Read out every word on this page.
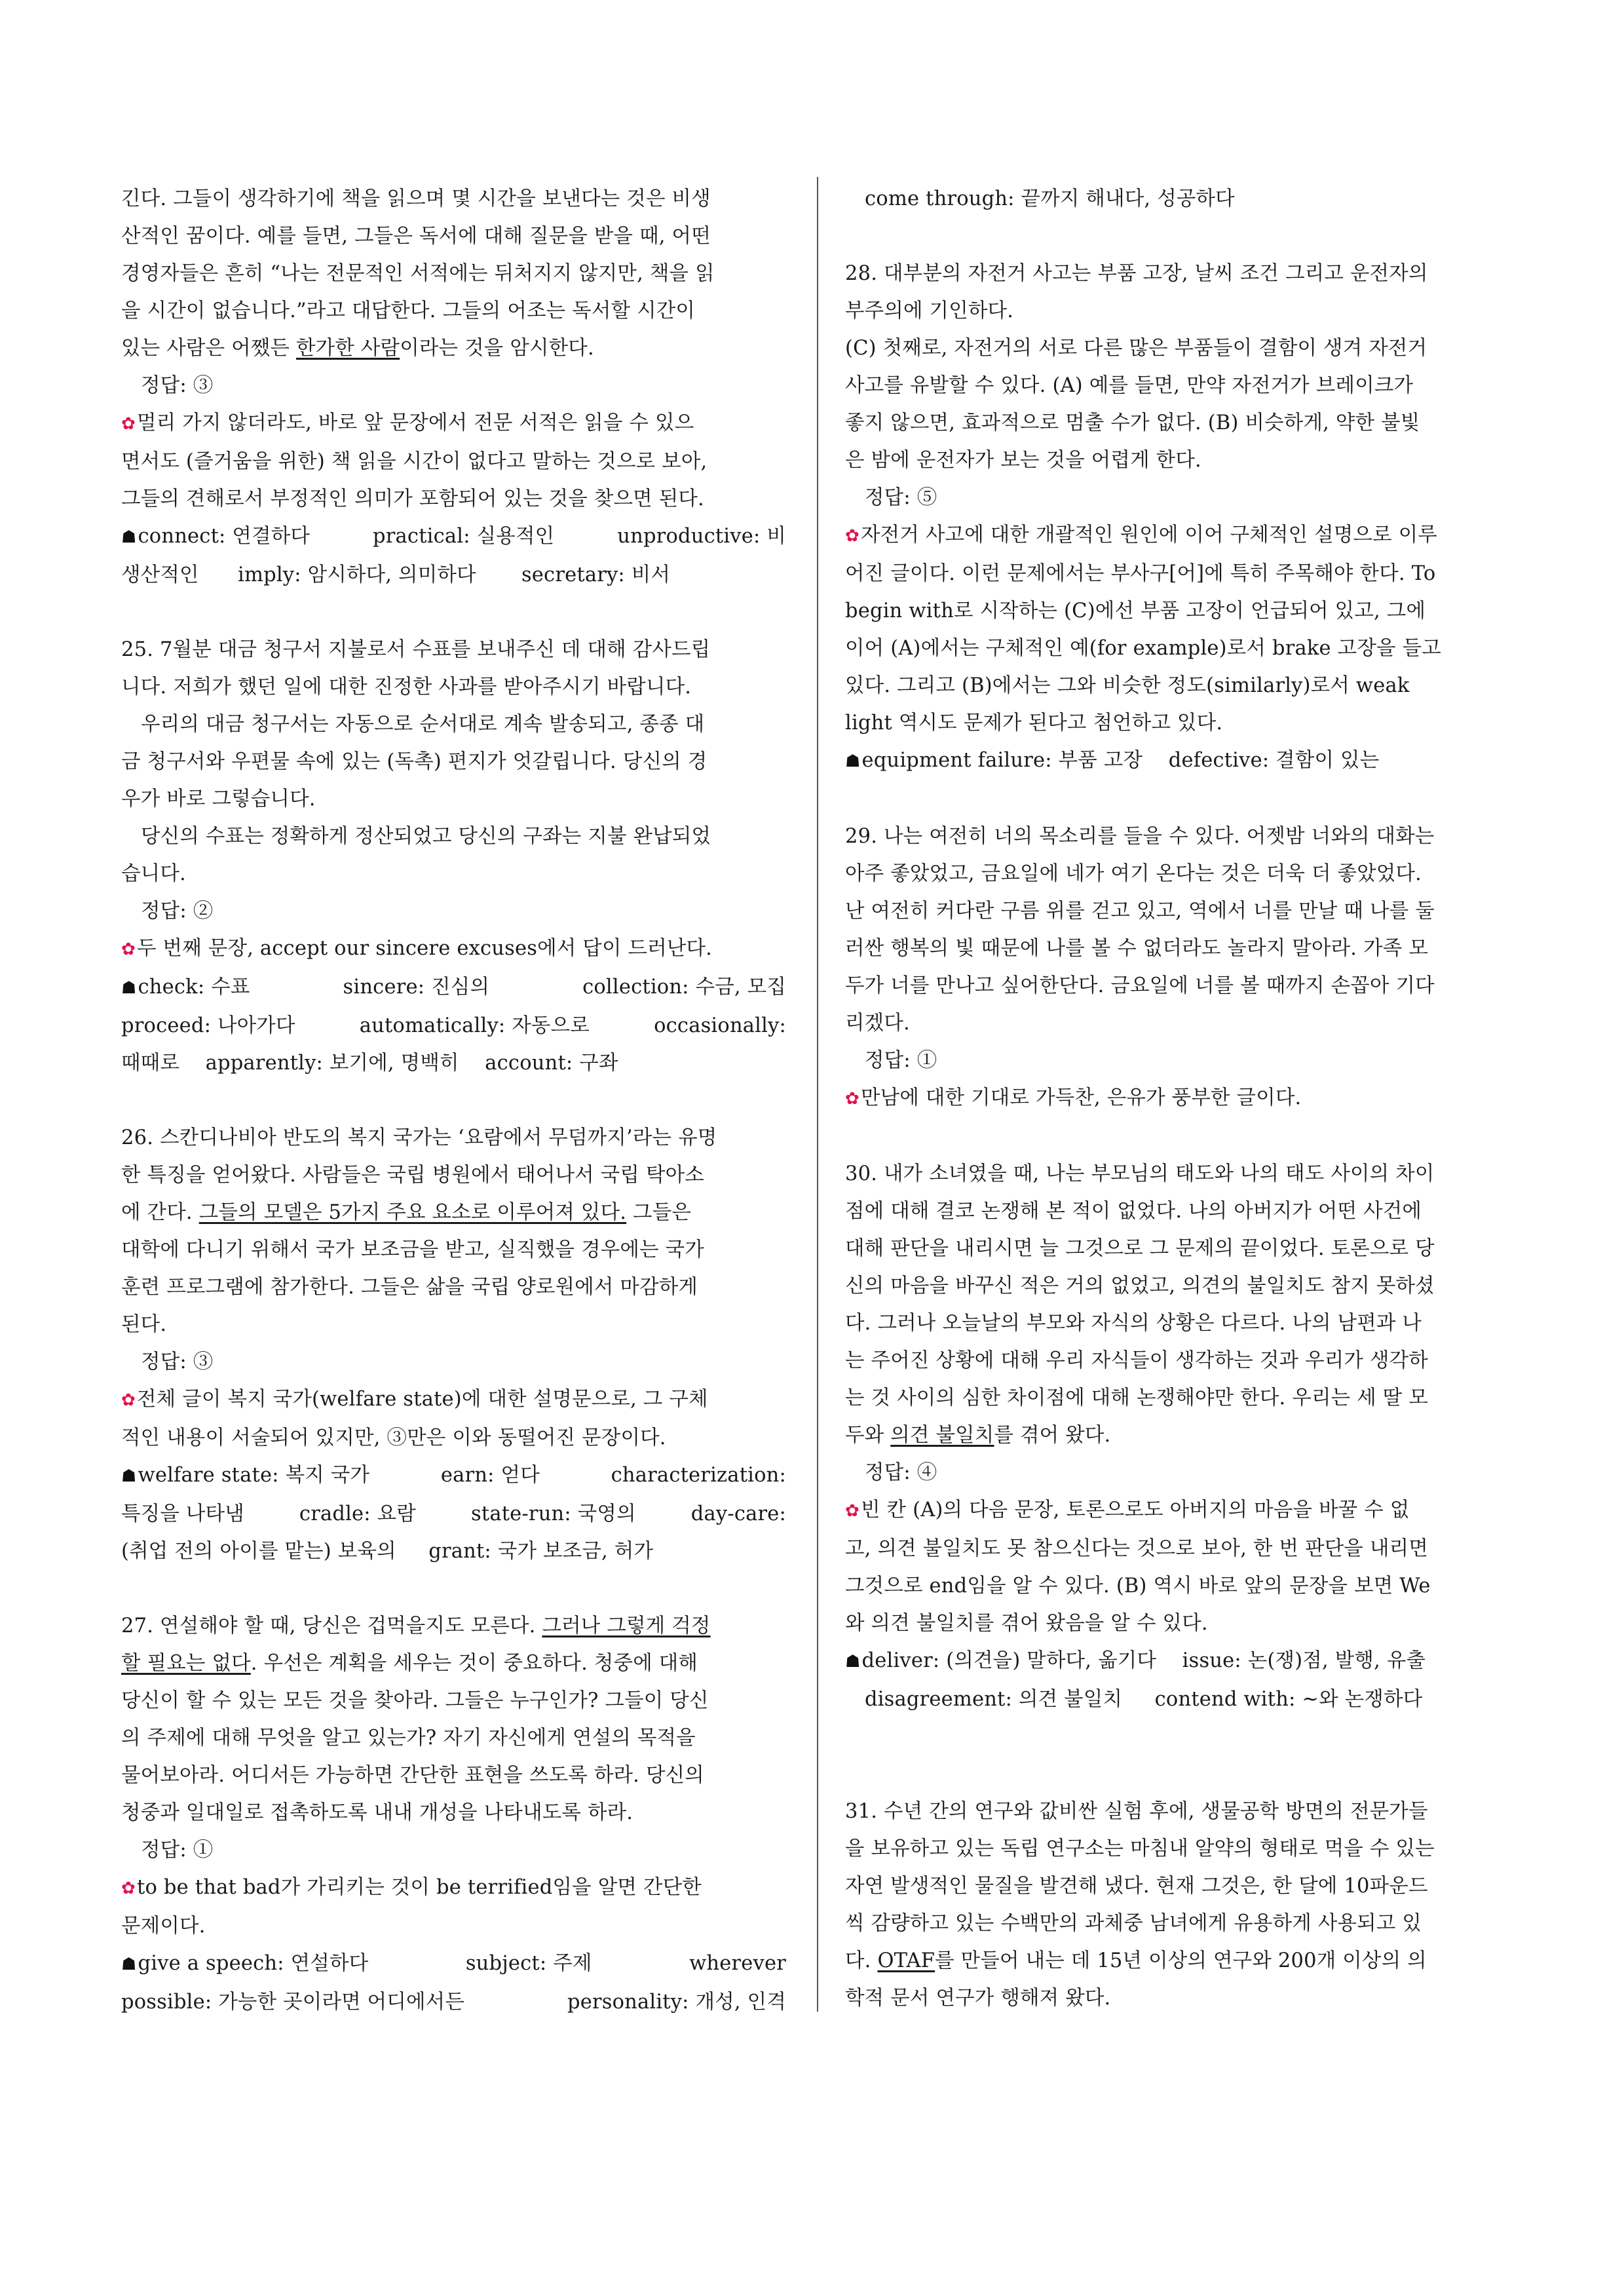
긴다. 그들이 생각하기에 책을 읽으며 몇 시간을 보낸다는 것은 비생
산적인 꿈이다. 예를 들면, 그들은 독서에 대해 질문을 받을 때, 어떤
경영자들은 흔히 “나는 전문적인 서적에는 뒤처지지 않지만, 책을 읽
을 시간이 없습니다.”라고 대답한다. 그들의 어조는 독서할 시간이
있는 사람은 어쨌든 한가한 사람이라는 것을 암시한다.
정답: ③
✿멀리 가지 않더라도, 바로 앞 문장에서 전문 서적은 읽을 수 있으
면서도 (즐거움을 위한) 책 읽을 시간이 없다고 말하는 것으로 보아,
그들의 견해로서 부정적인 의미가 포함되어 있는 것을 찾으면 된다.
☗connect: 연결하다	practical: 실용적인	unproductive: 비
생산적인 imply: 암시하다, 의미하다 secretary: 비서
25. 7월분 대금 청구서 지불로서 수표를 보내주신 데 대해 감사드립
니다. 저희가 했던 일에 대한 진정한 사과를 받아주시기 바랍니다.
우리의 대금 청구서는 자동으로 순서대로 계속 발송되고, 종종 대
금 청구서와 우편물 속에 있는 (독촉) 편지가 엇갈립니다. 당신의 경
우가 바로 그렇습니다.
당신의 수표는 정확하게 정산되었고 당신의 구좌는 지불 완납되었
습니다.
정답: ②
✿두 번째 문장, accept our sincere excuses에서 답이 드러난다.
☗check: 수표	sincere: 진심의	collection: 수금, 모집
proceed: 나아가다	automatically: 자동으로	occasionally:
때때로 apparently: 보기에, 명백히 account: 구좌
26. 스칸디나비아 반도의 복지 국가는 ‘요람에서 무덤까지’라는 유명
한 특징을 얻어왔다. 사람들은 국립 병원에서 태어나서 국립 탁아소
에 간다. 그들의 모델은 5가지 주요 요소로 이루어져 있다. 그들은
대학에 다니기 위해서 국가 보조금을 받고, 실직했을 경우에는 국가
훈련 프로그램에 참가한다. 그들은 삶을 국립 양로원에서 마감하게
된다.
정답: ③
✿전체 글이 복지 국가(welfare state)에 대한 설명문으로, 그 구체
적인 내용이 서술되어 있지만, ③만은 이와 동떨어진 문장이다.
☗welfare state: 복지 국가	earn: 얻다	characterization:
특징을 나타냄	cradle: 요람	state-run: 국영의	day-care:
(취업 전의 아이를 맡는) 보육의 grant: 국가 보조금, 허가
27. 연설해야 할 때, 당신은 겁먹을지도 모른다. 그러나 그렇게 걱정
할 필요는 없다. 우선은 계획을 세우는 것이 중요하다. 청중에 대해
당신이 할 수 있는 모든 것을 찾아라. 그들은 누구인가? 그들이 당신
의 주제에 대해 무엇을 알고 있는가? 자기 자신에게 연설의 목적을
물어보아라. 어디서든 가능하면 간단한 표현을 쓰도록 하라. 당신의
청중과 일대일로 접촉하도록 내내 개성을 나타내도록 하라.
정답: ①
✿to be that bad가 가리키는 것이 be terrified임을 알면 간단한
문제이다.
☗give a speech: 연설하다	subject: 주제	wherever
possible: 가능한 곳이라면 어디에서든	personality: 개성, 인격
come through: 끝까지 해내다, 성공하다
28. 대부분의 자전거 사고는 부품 고장, 날씨 조건 그리고 운전자의
부주의에 기인하다.
(C) 첫째로, 자전거의 서로 다른 많은 부품들이 결함이 생겨 자전거
사고를 유발할 수 있다. (A) 예를 들면, 만약 자전거가 브레이크가
좋지 않으면, 효과적으로 멈출 수가 없다. (B) 비슷하게, 약한 불빛
은 밤에 운전자가 보는 것을 어렵게 한다.
정답: ⑤
✿자전거 사고에 대한 개괄적인 원인에 이어 구체적인 설명으로 이루
어진 글이다. 이런 문제에서는 부사구[어]에 특히 주목해야 한다. To
begin with로 시작하는 (C)에선 부품 고장이 언급되어 있고, 그에
이어 (A)에서는 구체적인 예(for example)로서 brake 고장을 들고
있다. 그리고 (B)에서는 그와 비슷한 정도(similarly)로서 weak
light 역시도 문제가 된다고 첨언하고 있다.
☗equipment failure: 부품 고장    defective: 결함이 있는
29. 나는 여전히 너의 목소리를 들을 수 있다. 어젯밤 너와의 대화는
아주 좋았었고, 금요일에 네가 여기 온다는 것은 더욱 더 좋았었다.
난 여전히 커다란 구름 위를 걷고 있고, 역에서 너를 만날 때 나를 둘
러싼 행복의 빛 때문에 나를 볼 수 없더라도 놀라지 말아라. 가족 모
두가 너를 만나고 싶어한단다. 금요일에 너를 볼 때까지 손꼽아 기다
리겠다.
정답: ①
✿만남에 대한 기대로 가득찬, 은유가 풍부한 글이다.
30. 내가 소녀였을 때, 나는 부모님의 태도와 나의 태도 사이의 차이
점에 대해 결코 논쟁해 본 적이 없었다. 나의 아버지가 어떤 사건에
대해 판단을 내리시면 늘 그것으로 그 문제의 끝이었다. 토론으로 당
신의 마음을 바꾸신 적은 거의 없었고, 의견의 불일치도 참지 못하셨
다. 그러나 오늘날의 부모와 자식의 상황은 다르다. 나의 남편과 나
는 주어진 상황에 대해 우리 자식들이 생각하는 것과 우리가 생각하
는 것 사이의 심한 차이점에 대해 논쟁해야만 한다. 우리는 세 딸 모
두와 의견 불일치를 겪어 왔다.
정답: ④
✿빈 칸 (A)의 다음 문장, 토론으로도 아버지의 마음을 바꿀 수 없
고, 의견 불일치도 못 참으신다는 것으로 보아, 한 번 판단을 내리면
그것으로 end임을 알 수 있다. (B) 역시 바로 앞의 문장을 보면 We
와 의견 불일치를 겪어 왔음을 알 수 있다.
☗deliver: (의견을) 말하다, 옮기다    issue: 논(쟁)점, 발행, 유출
disagreement: 의견 불일치     contend with: ~와 논쟁하다
31. 수년 간의 연구와 값비싼 실험 후에, 생물공학 방면의 전문가들
을 보유하고 있는 독립 연구소는 마침내 알약의 형태로 먹을 수 있는
자연 발생적인 물질을 발견해 냈다. 현재 그것은, 한 달에 10파운드
씩 감량하고 있는 수백만의 과체중 남녀에게 유용하게 사용되고 있
다. OTAF를 만들어 내는 데 15년 이상의 연구와 200개 이상의 의
학적 문서 연구가 행해져 왔다.
